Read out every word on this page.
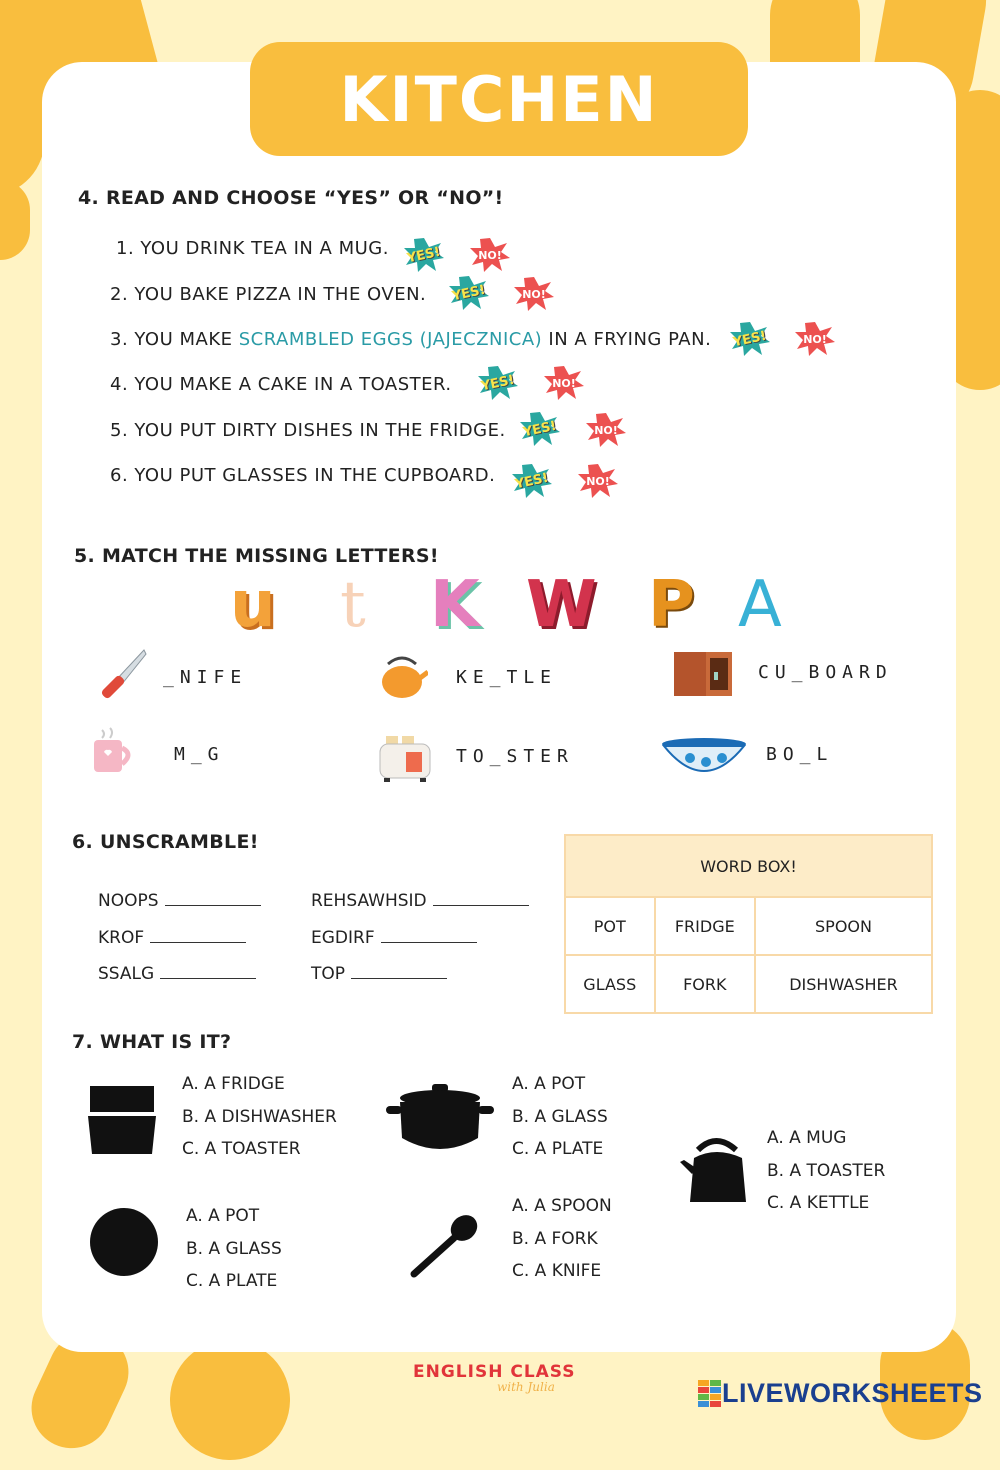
KITCHEN
4. READ AND CHOOSE “YES” OR “NO”!
1. YOU DRINK TEA IN A MUG.
2. YOU BAKE PIZZA IN THE OVEN.
3. YOU MAKE SCRAMBLED EGGS (JAJECZNICA) IN A FRYING PAN.
4. YOU MAKE A CAKE IN A TOASTER.
5. YOU PUT DIRTY DISHES IN THE FRIDGE.
6. YOU PUT GLASSES IN THE CUPBOARD.
YES!	NO!
YES!	NO!
YES!	NO!
YES!	NO!
YES!	NO!
YES!	NO!
5. MATCH THE MISSING LETTERS!
u t K W P A
_NIFE	KE_TLE	CU_BOARD
M_G	TO_STER	BO_L
6. UNSCRAMBLE!
NOOPS
KROF
SSALG
REHSAWHSID
EGDIRF
TOP
WORD BOX!		
POT	FRIDGE	SPOON
GLASS	FORK	DISHWASHER
7. WHAT IS IT?
A. A FRIDGE
B. A DISHWASHER
C. A TOASTER
A. A POT
B. A GLASS
C. A PLATE
A. A MUG
B. A TOASTER
C. A KETTLE
A. A POT
B. A GLASS
C. A PLATE
A. A SPOON
B. A FORK
C. A KNIFE
ENGLISH CLASS
with Julia	LIVEWORKSHEETS
